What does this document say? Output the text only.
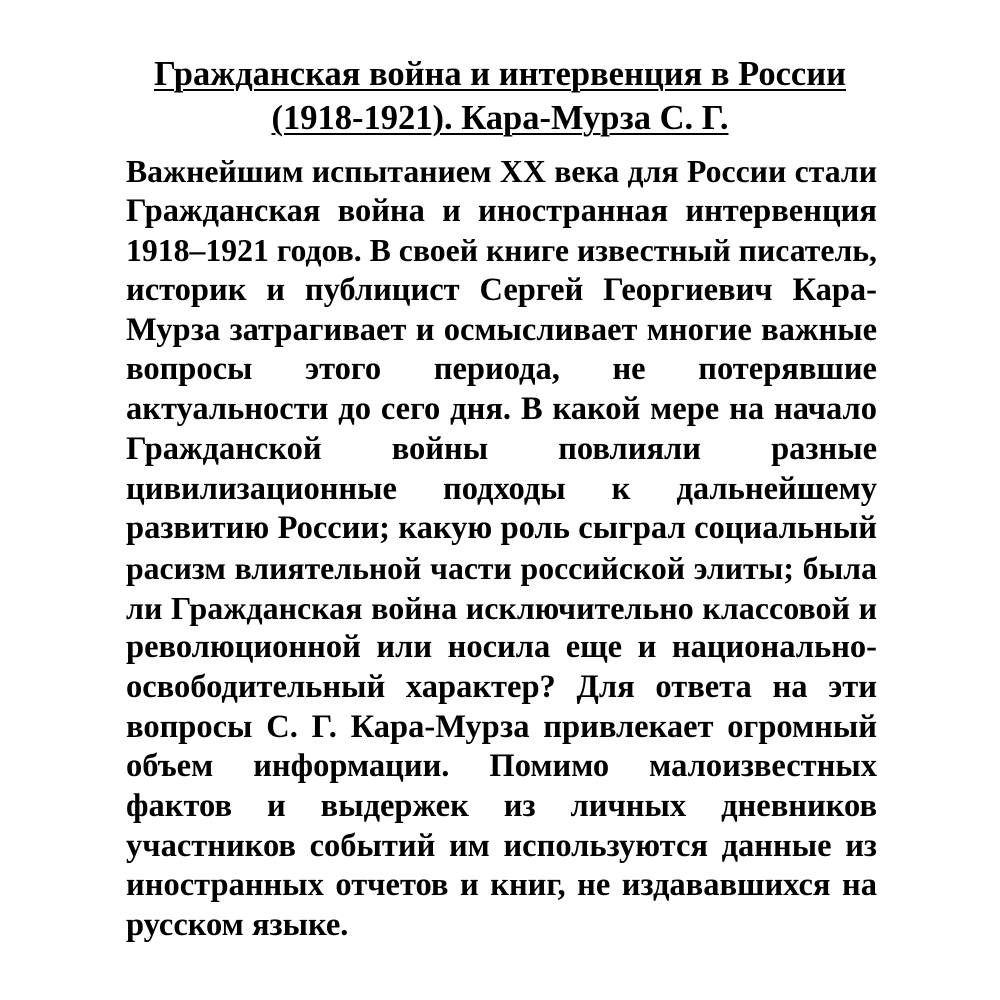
Гражданская война и интервенция в России
(1918-1921). Кара-Мурза С. Г.
Важнейшим испытанием XX века для России стали
Гражданская война и иностранная интервенция
1918–1921 годов. В своей книге известный писатель,
историк и публицист Сергей Георгиевич Кара-
Мурза затрагивает и осмысливает многие важные
вопросы этого периода, не потерявшие
актуальности до сего дня. В какой мере на начало
Гражданской войны повлияли разные
цивилизационные подходы к дальнейшему
развитию России; какую роль сыграл социальный
расизм влиятельной части российской элиты; была
ли Гражданская война исключительно классовой и
революционной или носила еще и национально-
освободительный характер? Для ответа на эти
вопросы С. Г. Кара-Мурза привлекает огромный
объем информации. Помимо малоизвестных
фактов и выдержек из личных дневников
участников событий им используются данные из
иностранных отчетов и книг, не издававшихся на
русском языке.
